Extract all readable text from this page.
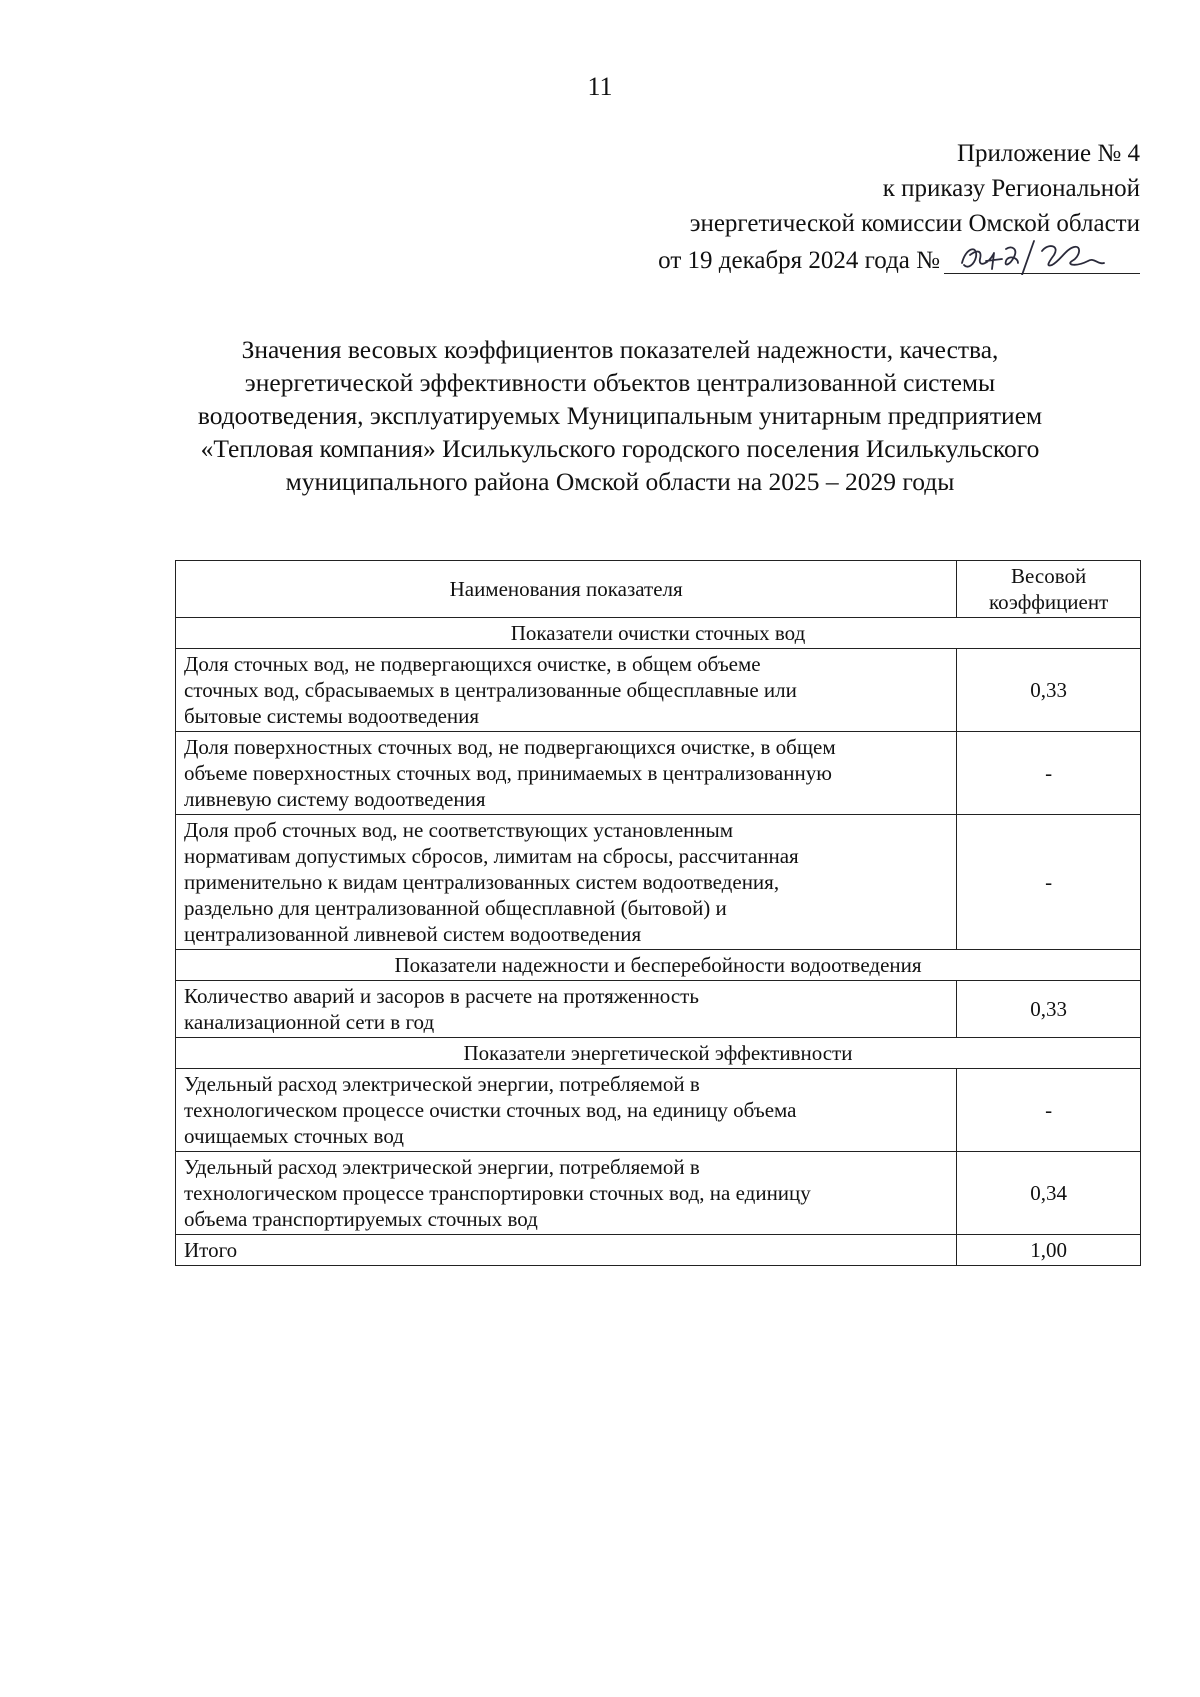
11
Приложение № 4
к приказу Региональной
энергетической комиссии Омской области
от 19 декабря 2024 года №
Значения весовых коэффициентов показателей надежности, качества,
энергетической эффективности объектов централизованной системы
водоотведения, эксплуатируемых Муниципальным унитарным предприятием
«Тепловая компания» Исилькульского городского поселения Исилькульского
муниципального района Омской области на 2025 – 2029 годы
Наименования показателя	Весовой
коэффициент

Показатели очистки сточных вод	

Доля сточных вод, не подвергающихся очистке, в общем объеме
сточных вод, сбрасываемых в централизованные общесплавные или
бытовые системы водоотведения	0,33

Доля поверхностных сточных вод, не подвергающихся очистке, в общем
объеме поверхностных сточных вод, принимаемых в централизованную
ливневую систему водоотведения	-

Доля проб сточных вод, не соответствующих установленным
нормативам допустимых сбросов, лимитам на сбросы, рассчитанная
применительно к видам централизованных систем водоотведения,
раздельно для централизованной общесплавной (бытовой) и
централизованной ливневой систем водоотведения	-
Показатели надежности и бесперебойности водоотведения	

Количество аварий и засоров в расчете на протяженность
канализационной сети в год	0,33
Показатели энергетической эффективности	

Удельный расход электрической энергии, потребляемой в
технологическом процессе очистки сточных вод, на единицу объема
очищаемых сточных вод	-

Удельный расход электрической энергии, потребляемой в
технологическом процессе транспортировки сточных вод, на единицу
объема транспортируемых сточных вод	0,34
Итого	1,00
